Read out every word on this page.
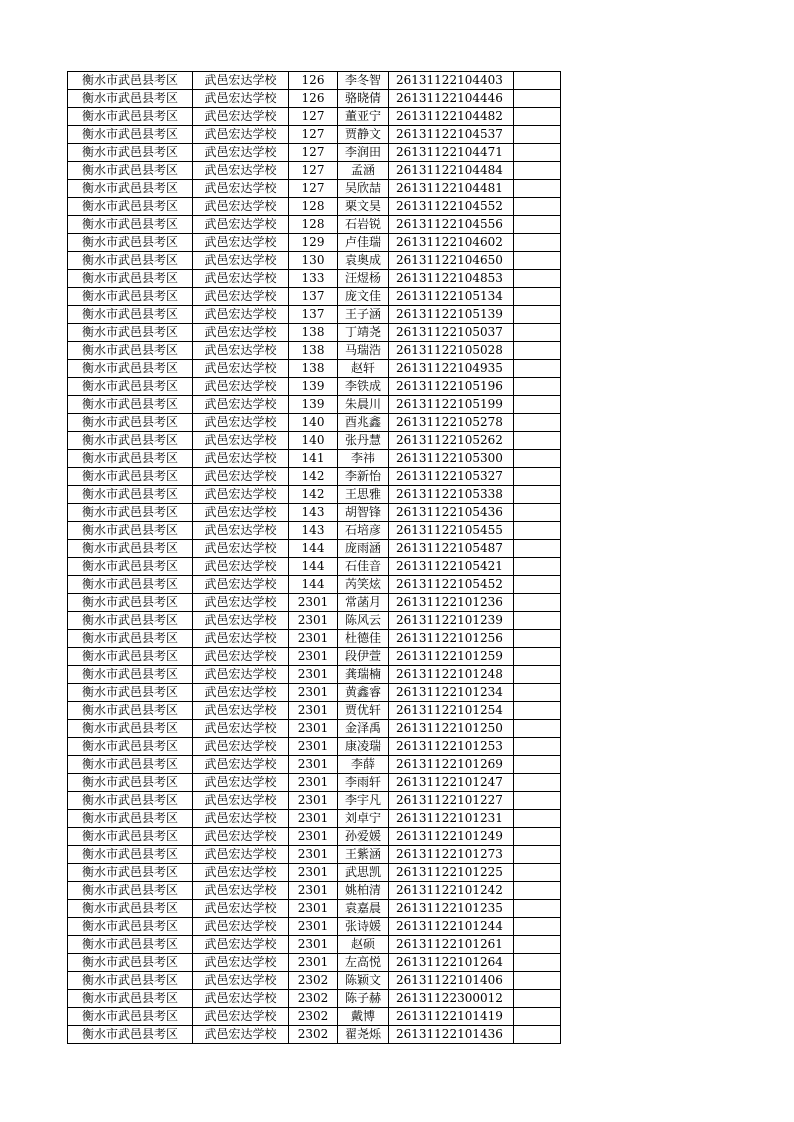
衡水市武邑县考区	武邑宏达学校	126	李冬智	26131122104403	
衡水市武邑县考区	武邑宏达学校	126	骆晓倩	26131122104446	
衡水市武邑县考区	武邑宏达学校	127	董亚宁	26131122104482	
衡水市武邑县考区	武邑宏达学校	127	贾静文	26131122104537	
衡水市武邑县考区	武邑宏达学校	127	李润田	26131122104471	
衡水市武邑县考区	武邑宏达学校	127	孟涵	26131122104484	
衡水市武邑县考区	武邑宏达学校	127	吴欣喆	26131122104481	
衡水市武邑县考区	武邑宏达学校	128	栗文昊	26131122104552	
衡水市武邑县考区	武邑宏达学校	128	石岩锐	26131122104556	
衡水市武邑县考区	武邑宏达学校	129	卢佳瑞	26131122104602	
衡水市武邑县考区	武邑宏达学校	130	袁奥成	26131122104650	
衡水市武邑县考区	武邑宏达学校	133	汪煜杨	26131122104853	
衡水市武邑县考区	武邑宏达学校	137	庞文佳	26131122105134	
衡水市武邑县考区	武邑宏达学校	137	王子涵	26131122105139	
衡水市武邑县考区	武邑宏达学校	138	丁靖尧	26131122105037	
衡水市武邑县考区	武邑宏达学校	138	马瑞浩	26131122105028	
衡水市武邑县考区	武邑宏达学校	138	赵轩	26131122104935	
衡水市武邑县考区	武邑宏达学校	139	李铁成	26131122105196	
衡水市武邑县考区	武邑宏达学校	139	朱晨川	26131122105199	
衡水市武邑县考区	武邑宏达学校	140	酉兆鑫	26131122105278	
衡水市武邑县考区	武邑宏达学校	140	张丹慧	26131122105262	
衡水市武邑县考区	武邑宏达学校	141	李祎	26131122105300	
衡水市武邑县考区	武邑宏达学校	142	李新怡	26131122105327	
衡水市武邑县考区	武邑宏达学校	142	王思雅	26131122105338	
衡水市武邑县考区	武邑宏达学校	143	胡智锋	26131122105436	
衡水市武邑县考区	武邑宏达学校	143	石培彦	26131122105455	
衡水市武邑县考区	武邑宏达学校	144	庞雨涵	26131122105487	
衡水市武邑县考区	武邑宏达学校	144	石佳音	26131122105421	
衡水市武邑县考区	武邑宏达学校	144	芮笑炫	26131122105452	
衡水市武邑县考区	武邑宏达学校	2301	常菡月	26131122101236	
衡水市武邑县考区	武邑宏达学校	2301	陈风云	26131122101239	
衡水市武邑县考区	武邑宏达学校	2301	杜德佳	26131122101256	
衡水市武邑县考区	武邑宏达学校	2301	段伊萱	26131122101259	
衡水市武邑县考区	武邑宏达学校	2301	龚瑞楠	26131122101248	
衡水市武邑县考区	武邑宏达学校	2301	黄鑫睿	26131122101234	
衡水市武邑县考区	武邑宏达学校	2301	贾优轩	26131122101254	
衡水市武邑县考区	武邑宏达学校	2301	金泽禹	26131122101250	
衡水市武邑县考区	武邑宏达学校	2301	康凌瑞	26131122101253	
衡水市武邑县考区	武邑宏达学校	2301	李薛	26131122101269	
衡水市武邑县考区	武邑宏达学校	2301	李雨轩	26131122101247	
衡水市武邑县考区	武邑宏达学校	2301	李宇凡	26131122101227	
衡水市武邑县考区	武邑宏达学校	2301	刘卓宁	26131122101231	
衡水市武邑县考区	武邑宏达学校	2301	孙爱媛	26131122101249	
衡水市武邑县考区	武邑宏达学校	2301	王紫涵	26131122101273	
衡水市武邑县考区	武邑宏达学校	2301	武思凯	26131122101225	
衡水市武邑县考区	武邑宏达学校	2301	姚柏清	26131122101242	
衡水市武邑县考区	武邑宏达学校	2301	袁嘉晨	26131122101235	
衡水市武邑县考区	武邑宏达学校	2301	张诗媛	26131122101244	
衡水市武邑县考区	武邑宏达学校	2301	赵硕	26131122101261	
衡水市武邑县考区	武邑宏达学校	2301	左高悦	26131122101264	
衡水市武邑县考区	武邑宏达学校	2302	陈颖文	26131122101406	
衡水市武邑县考区	武邑宏达学校	2302	陈子赫	26131122300012	
衡水市武邑县考区	武邑宏达学校	2302	戴博	26131122101419	
衡水市武邑县考区	武邑宏达学校	2302	翟尧烁	26131122101436	
